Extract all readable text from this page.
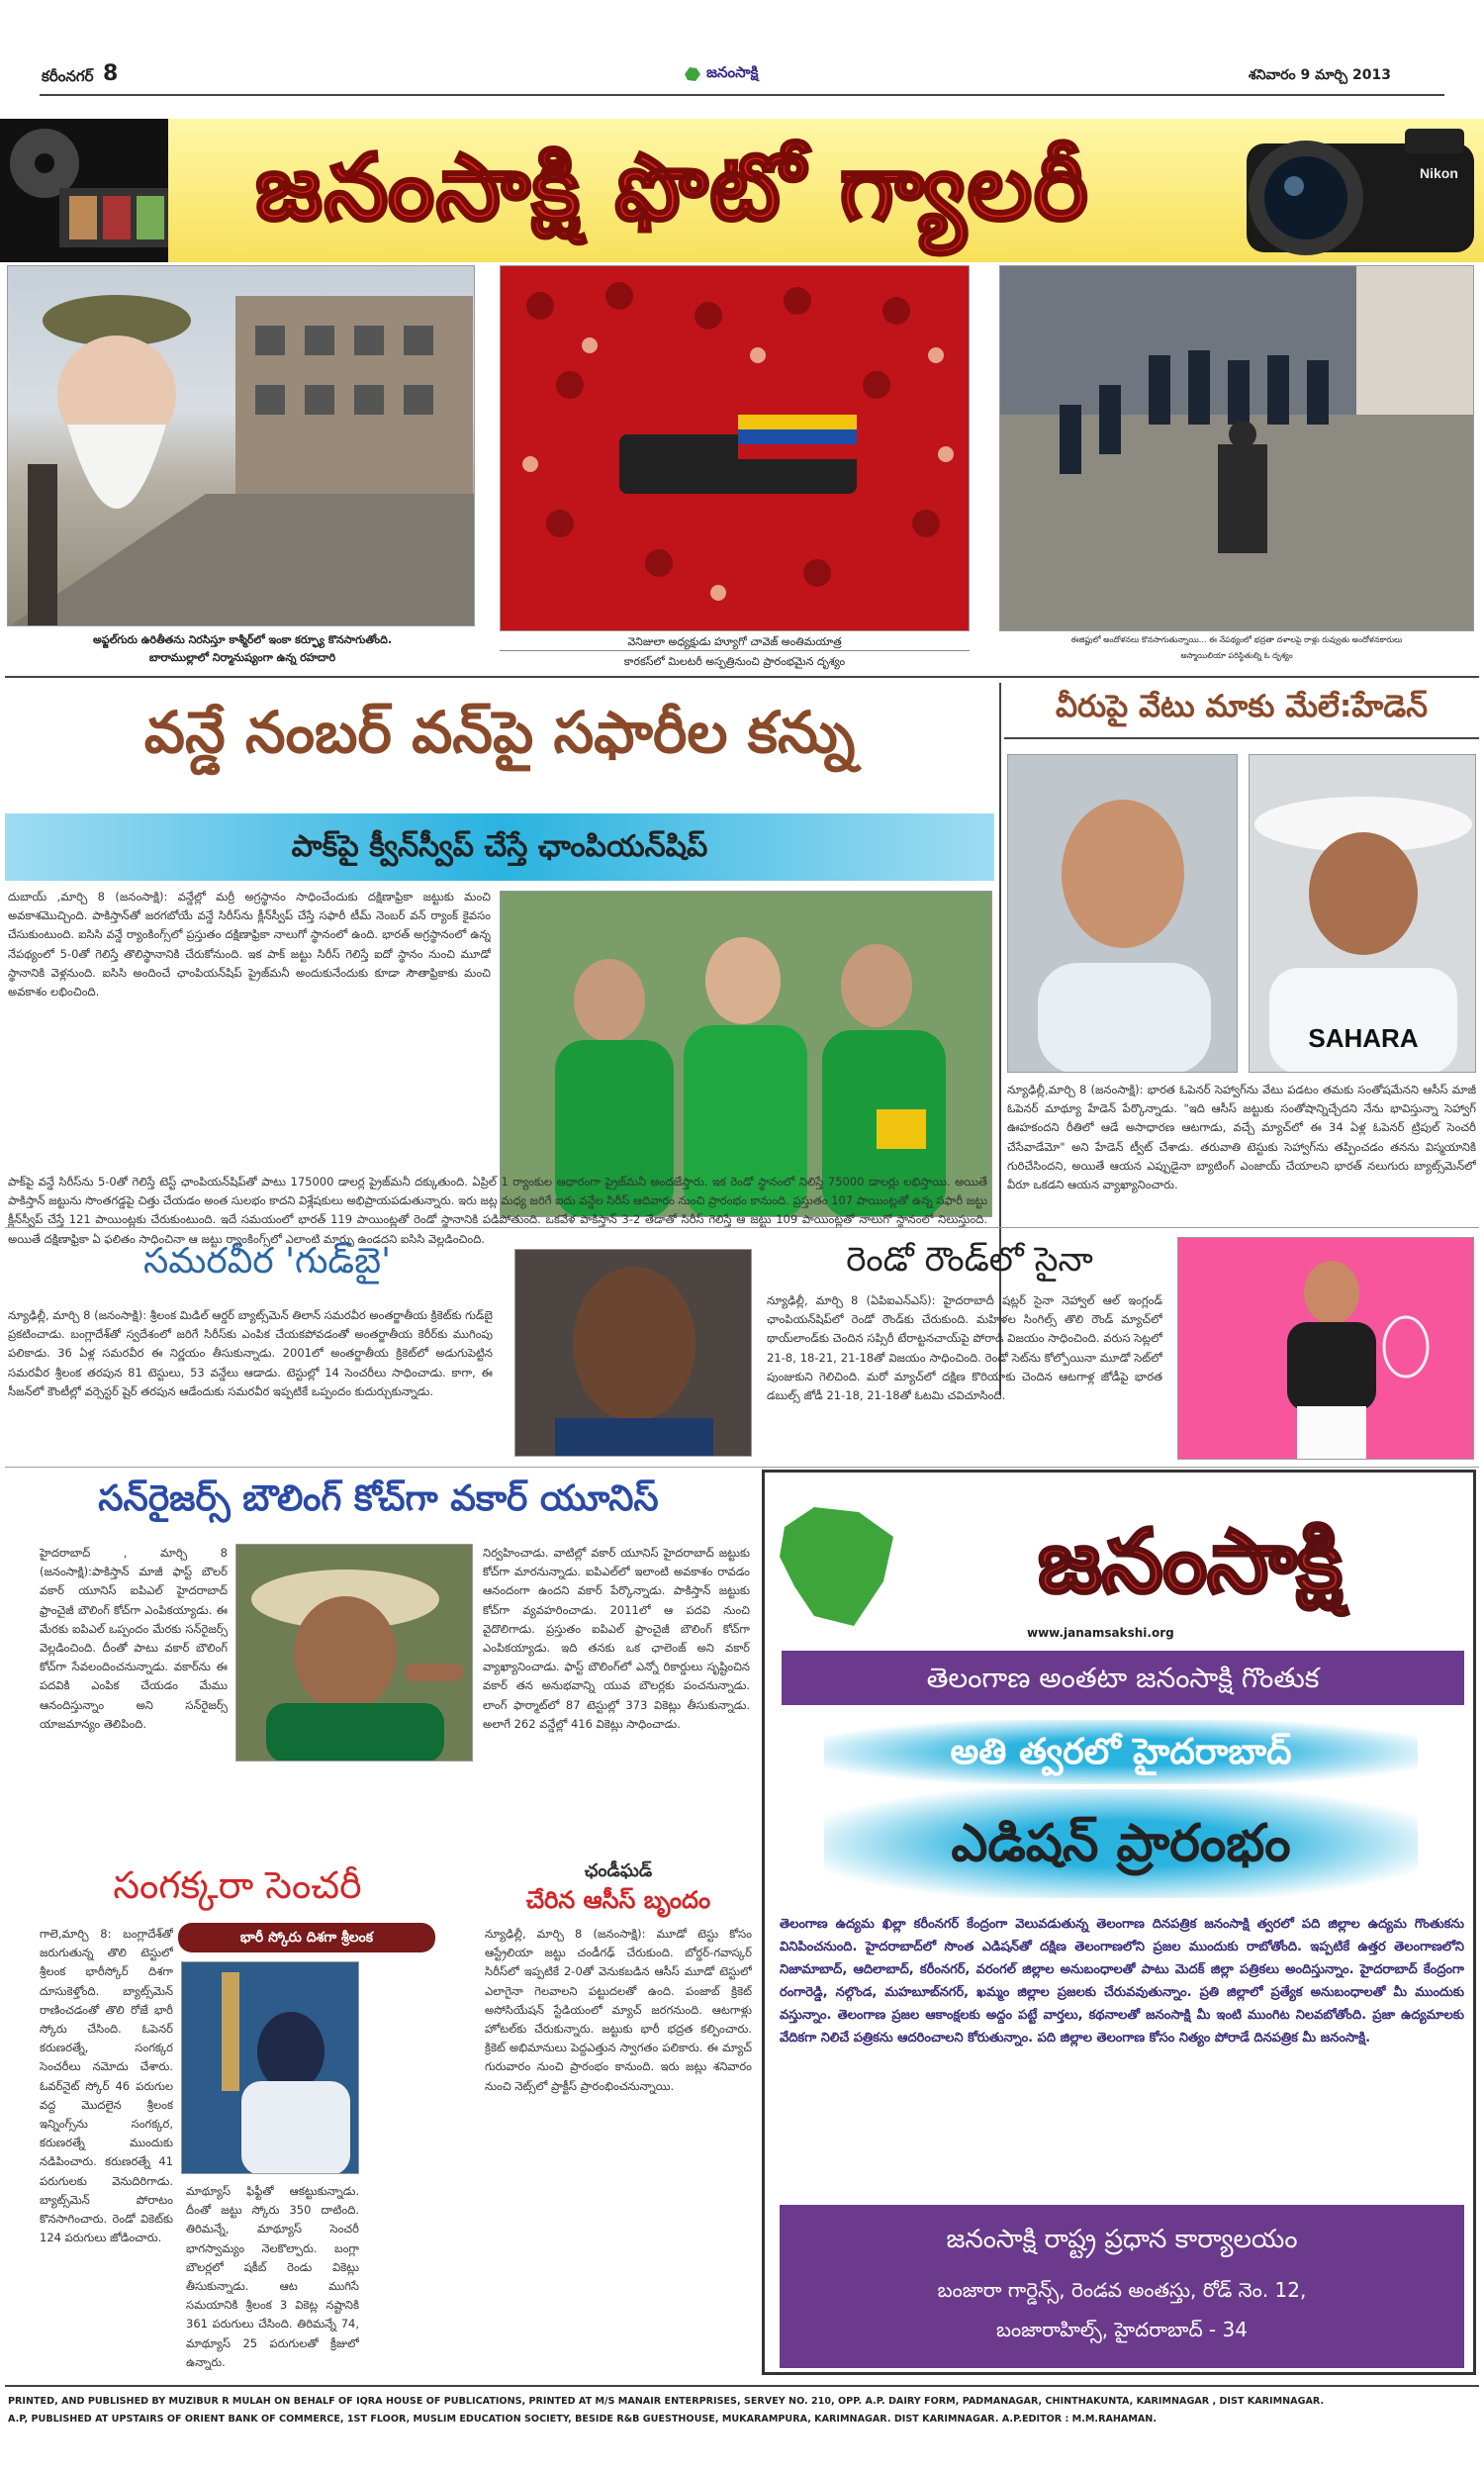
కరీంనగర్ 8	జనంసాక్షి	శనివారం 9 మార్చి 2013
జనంసాక్షి ఫొటో గ్యాలరీ	Nikon
అఫ్జల్‌గురు ఉరితీతను నిరసిస్తూ కాశ్మీర్‌లో ఇంకా కర్ఫ్యూ కొనసాగుతోంది.
బారాముల్లాలో నిర్మానుష్యంగా ఉన్న రహదారి
వెనిజులా అధ్యక్షుడు హ్యూగో చావెజ్ అంతిమయాత్ర
కారకస్‌లో మిలటరీ అస్పత్రినుంచి ప్రారంభమైన దృశ్యం
ఈజిప్టులో అందోళనలు కొనసాగుతున్నాయి... ఈ నేపథ్యంలో భద్రతా దళాలపై రాళ్లు రువ్వుతు అందోళనకారులు
అస్మాయిలియా పరిస్థితుల్ని ఓ దృశ్యం
వన్డే నంబర్ వన్‌పై సఫారీల కన్ను
పాక్‌పై క్వీన్‌స్వీప్ చేస్తే ఛాంపియన్‌షిప్
దుబాయ్ ,మార్చి 8 (జనంసాక్షి): వన్డేల్లో మర్రీ అగ్రస్థానం సాధించేందుకు దక్షిణాఫ్రికా జట్టుకు మంచి అవకాశమొచ్చింది. పాకిస్తాన్‌తో జరగబోయే వన్డే సిరీస్‌ను క్లీన్‌స్వీప్ చేస్తే సఫారీ టీమ్ నెంబర్ వన్ ర్యాంక్ కైవసం చేసుకుంటుంది. ఐసిసి వన్డే ర్యాంకింగ్స్‌లో ప్రస్తుతం దక్షిణాఫ్రికా నాలుగో స్థానంలో ఉంది. భారత్ అగ్రస్థానంలో ఉన్న నేపథ్యంలో 5-0తో గెలిస్తే తొలిస్థానానికి చేరుకోనుంది. ఇక పాక్ జట్టు సిరీస్ గెలిస్తే ఐదో స్థానం నుంచి మూడో స్థానానికి వెళ్లనుంది. ఐసిసి అందించే ఛాంపియన్‌షిప్ ప్రైజ్‌మనీ అందుకునేందుకు కూడా సౌతాఫ్రికాకు మంచి అవకాశం లభించింది.
పాక్‌పై వన్డే సిరీస్‌ను 5-0తో గెలిస్తే టెస్ట్ ఛాంపియన్‌షిప్‌తో పాటు 175000 డాలర్ల ప్రైజ్‌మనీ దక్కుతుంది. ఏప్రిల్ 1 ర్యాంకుల ఆధారంగా ప్రైజ్‌మనీ అందజేస్తారు. ఇక రెండో స్థానంలో నిలిస్తే 75000 డాలర్లు లభిస్తాయి. అయితే పాకిస్తాన్ జట్టును సొంతగడ్డపై చిత్తు చేయడం అంత సులభం కాదని విశ్లేషకులు అభిప్రాయపడుతున్నారు. ఇరు జట్ల మధ్య జరిగే ఐదు వన్డేల సిరీస్ ఆదివారం నుంచి ప్రారంభం కానుంది. ప్రస్తుతం 107 పాయింట్లతో ఉన్న సఫారీ జట్టు క్లీన్‌స్వీప్ చేస్తే 121 పాయింట్లకు చేరుకుంటుంది. ఇదే సమయంలో భారత్ 119 పాయింట్లతో రెండో స్థానానికి పడిపోతుంది. ఒకవేళ పాకిస్తాన్ 3-2 తేడాతో సిరీస్ గెలిస్తే ఆ జట్టు 109 పాయింట్లతో నాలుగో స్థానంలో నిలుస్తుంది. అయితే దక్షిణాఫ్రికా ఏ ఫలితం సాధించినా ఆ జట్టు ర్యాంకింగ్స్‌లో ఎలాంటి మార్పు ఉండదని ఐసిసి వెల్లడించింది.
వీరుపై వేటు మాకు మేలే:హేడెన్
SAHARA
న్యూఢిల్లీ,మార్చి 8 (జనంసాక్షి): భారత ఓపెనర్ సెహ్వాగ్‌ను వేటు పడటం తమకు సంతోషమేనని ఆసీస్ మాజీ ఓపెనర్ మాథ్యూ హేడెన్ పేర్కొన్నాడు. "ఇది ఆసీస్ జట్టుకు సంతోషాన్నిచ్చేదని నేను భావిస్తున్నా సెహ్వాగ్ ఊహకందని రీతిలో ఆడే అసాధారణ ఆటగాడు, వచ్చే మ్యాచ్‌లో ఈ 34 ఏళ్ల ఓపెనర్ ట్రిపుల్ సెంచరీ చేసేవాడేమో" అని హేడెన్ ట్వీట్ చేశాడు. తరువాతి టెస్టుకు సెహ్వాగ్‌ను తప్పించడం తనను విస్మయానికి గురిచేసిందని, అయితే ఆయన ఎప్పుడైనా బ్యాటింగ్ ఎంజాయ్ చేయాలని భారత్ నలుగురు బ్యాట్స్‌మెన్‌లో వీరూ ఒకడని ఆయన వ్యాఖ్యానించారు.
సమరవీర 'గుడ్‌బై'
న్యూఢిల్లీ, మార్చి 8 (జనంసాక్షి): శ్రీలంక మిడిల్ ఆర్డర్ బ్యాట్స్‌మెన్ తిలాన్ సమరవీర అంతర్జాతీయ క్రికెట్‌కు గుడ్‌బై ప్రకటించాడు. బంగ్లాదేశ్‌తో స్వదేశంలో జరిగే సిరీస్‌కు ఎంపిక చేయకపోవడంతో అంతర్జాతీయ కెరీర్‌కు ముగింపు పలికాడు. 36 ఏళ్ల సమరవీర ఈ నిర్ణయం తీసుకున్నాడు. 2001లో అంతర్జాతీయ క్రికెట్‌లో అడుగుపెట్టిన సమరవీర శ్రీలంక తరపున 81 టెస్టులు, 53 వన్డేలు ఆడాడు. టెస్టుల్లో 14 సెంచరీలు సాధించాడు. కాగా, ఈ సీజన్‌లో కౌంటీల్లో వర్సెస్టర్ షైర్ తరపున ఆడేందుకు సమరవీర ఇప్పటికే ఒప్పందం కుదుర్చుకున్నాడు.
రెండో రౌండ్‌లో సైనా
న్యూఢిల్లీ, మార్చి 8 (ఏపిఐఎన్ఎస్): హైదరాబాదీ షట్లర్ సైనా నెహ్వాల్ ఆల్ ఇంగ్లండ్ ఛాంపియన్‌షిప్‌లో రెండో రౌండ్‌కు చేరుకుంది. మహిళల సింగిల్స్ తొలి రౌండ్ మ్యాచ్‌లో థాయ్‌లాండ్‌కు చెందిన సప్సిరీ టేరాట్టనచాయ్‌పై పోరాడి విజయం సాధించింది. వరుస సెట్లలో 21-8, 18-21, 21-18తో విజయం సాధించింది. రెండో సెట్‌ను కోల్పోయినా మూడో సెట్‌లో పుంజుకుని గెలిచింది. మరో మ్యాచ్‌లో దక్షిణ కొరియాకు చెందిన ఆటగాళ్ల జోడీపై భారత డబుల్స్ జోడీ 21-18, 21-18తో ఓటమి చవిచూసింది.
సన్‌రైజర్స్ బౌలింగ్ కోచ్‌గా వకార్ యూనిస్
హైదరాబాద్ , మార్చి 8 (జనంసాక్షి):పాకిస్తాన్ మాజీ ఫాస్ట్ బౌలర్ వకార్ యూనిస్ ఐపిఎల్ హైదరాబాద్ ఫ్రాంచైజీ బౌలింగ్ కోచ్‌గా ఎంపికయ్యాడు. ఈ మేరకు ఐపిఎల్ ఒప్పందం మేరకు సన్‌రైజర్స్ వెల్లడించింది. దీంతో పాటు వకార్ బౌలింగ్ కోచ్‌గా సేవలందించనున్నాడు. వకార్‌ను ఈ పదవికి ఎంపిక చేయడం మేము ఆనందిస్తున్నాం అని సన్‌రైజర్స్ యాజమాన్యం తెలిపింది.
నిర్వహించాడు. వాటిల్లో వకార్ యూనిస్ హైదరాబాద్ జట్టుకు కోచ్‌గా మారనున్నాడు. ఐపిఎల్‌లో ఇలాంటి అవకాశం రావడం ఆనందంగా ఉందని వకార్ పేర్కొన్నాడు. పాకిస్తాన్ జట్టుకు కోచ్‌గా వ్యవహరించాడు. 2011లో ఆ పదవి నుంచి వైదొలిగాడు. ప్రస్తుతం ఐపిఎల్ ఫ్రాంచైజీ బౌలింగ్ కోచ్‌గా ఎంపికయ్యాడు. ఇది తనకు ఒక ఛాలెంజ్ అని వకార్ వ్యాఖ్యానించాడు. ఫాస్ట్ బౌలింగ్‌లో ఎన్నో రికార్డులు సృష్టించిన వకార్ తన అనుభవాన్ని యువ బౌలర్లకు పంచనున్నాడు. లాంగ్ ఫార్మాట్‌లో 87 టెస్టుల్లో 373 వికెట్లు తీసుకున్నాడు. అలాగే 262 వన్డేల్లో 416 వికెట్లు సాధించాడు.
సంగక్కరా సెంచరీ
భారీ స్కోరు దిశగా శ్రీలంక
గాలె,మార్చి 8: బంగ్లాదేశ్‌తో జరుగుతున్న తొలి టెస్టులో శ్రీలంక భారీస్కోర్ దిశగా దూసుకెళ్తోంది. బ్యాట్స్‌మెన్ రాణించడంతో తొలి రోజే భారీ స్కోరు చేసింది. ఓపెనర్ కరుణరత్నే, సంగక్కర సెంచరీలు నమోదు చేశారు. ఓవర్‌నైట్ స్కోర్ 46 పరుగుల వద్ద మొదలైన శ్రీలంక ఇన్నింగ్స్‌ను సంగక్కర, కరుణరత్నే ముందుకు నడిపించారు. కరుణరత్నే 41 పరుగులకు వెనుదిరిగాడు. బ్యాట్స్‌మెన్ పోరాటం కొనసాగించారు. రెండో వికెట్‌కు 124 పరుగులు జోడించారు.
మాథ్యూస్ ఫిఫ్టీతో ఆకట్టుకున్నాడు. దీంతో జట్టు స్కోరు 350 దాటింది. తిరిమన్నే, మాథ్యూస్ సెంచరీ భాగస్వామ్యం నెలకొల్పారు. బంగ్లా బౌలర్లలో షకీబ్ రెండు వికెట్లు తీసుకున్నాడు. ఆట ముగిసే సమయానికి శ్రీలంక 3 వికెట్ల నష్టానికి 361 పరుగులు చేసింది. తిరిమన్నే 74, మాథ్యూస్ 25 పరుగులతో క్రీజులో ఉన్నారు.
ఛండీఘడ్
చేరిన ఆసీస్ బృందం
న్యూఢిల్లీ, మార్చి 8 (జనంసాక్షి): మూడో టెస్టు కోసం ఆస్ట్రేలియా జట్టు చండీగఢ్ చేరుకుంది. బోర్డర్-గవాస్కర్ సిరీస్‌లో ఇప్పటికే 2-0తో వెనుకబడిన ఆసీస్ మూడో టెస్టులో ఎలాగైనా గెలవాలని పట్టుదలతో ఉంది. పంజాబ్ క్రికెట్ అసోసియేషన్ స్టేడియంలో మ్యాచ్ జరగనుంది. ఆటగాళ్లు హోటల్‌కు చేరుకున్నారు. జట్టుకు భారీ భద్రత కల్పించారు. క్రికెట్ అభిమానులు పెద్దఎత్తున స్వాగతం పలికారు. ఈ మ్యాచ్ గురువారం నుంచి ప్రారంభం కానుంది. ఇరు జట్లు శనివారం నుంచి నెట్స్‌లో ప్రాక్టీస్ ప్రారంభించనున్నాయి.
జనంసాక్షి
www.janamsakshi.org
తెలంగాణ అంతటా జనంసాక్షి గొంతుక
అతి త్వరలో హైదరాబాద్
ఎడిషన్ ప్రారంభం
తెలంగాణ ఉద్యమ ఖిల్లా కరీంనగర్ కేంద్రంగా వెలువడుతున్న తెలంగాణ దినపత్రిక జనంసాక్షి త్వరలో పది జిల్లాల ఉద్యమ గొంతుకను వినిపించనుంది. హైదరాబాద్‌లో సొంత ఎడిషన్‌తో దక్షిణ తెలంగాణలోని ప్రజల ముందుకు రాబోతోంది. ఇప్పటికే ఉత్తర తెలంగాణలోని నిజామాబాద్, ఆదిలాబాద్, కరీంనగర్, వరంగల్ జిల్లాల అనుబంధాలతో పాటు మెదక్ జిల్లా పత్రికలు అందిస్తున్నాం. హైదరాబాద్ కేంద్రంగా రంగారెడ్డి, నల్గొండ, మహబూబ్‌నగర్, ఖమ్మం జిల్లాల ప్రజలకు చేరువవుతున్నాం. ప్రతి జిల్లాలో ప్రత్యేక అనుబంధాలతో మీ ముందుకు వస్తున్నాం. తెలంగాణ ప్రజల ఆకాంక్షలకు అద్దం పట్టే వార్తలు, కథనాలతో జనంసాక్షి మీ ఇంటి ముంగిట నిలవబోతోంది. ప్రజా ఉద్యమాలకు వేదికగా నిలిచే పత్రికను ఆదరించాలని కోరుతున్నాం. పది జిల్లాల తెలంగాణ కోసం నిత్యం పోరాడే దినపత్రిక మీ జనంసాక్షి.
జనంసాక్షి రాష్ట్ర ప్రధాన కార్యాలయం
బంజారా గార్డెన్స్, రెండవ అంతస్తు, రోడ్ నెం. 12,
బంజారాహిల్స్, హైదరాబాద్ - 34
PRINTED, AND PUBLISHED BY MUZIBUR R MULAH ON BEHALF OF IQRA HOUSE OF PUBLICATIONS, PRINTED AT M/S MANAIR ENTERPRISES, SERVEY NO. 210, OPP. A.P. DAIRY FORM, PADMANAGAR, CHINTHAKUNTA, KARIMNAGAR , DIST KARIMNAGAR.
A.P, PUBLISHED AT UPSTAIRS OF ORIENT BANK OF COMMERCE, 1ST FLOOR, MUSLIM EDUCATION SOCIETY, BESIDE R&B GUESTHOUSE, MUKARAMPURA, KARIMNAGAR. DIST KARIMNAGAR. A.P.EDITOR : M.M.RAHAMAN.
